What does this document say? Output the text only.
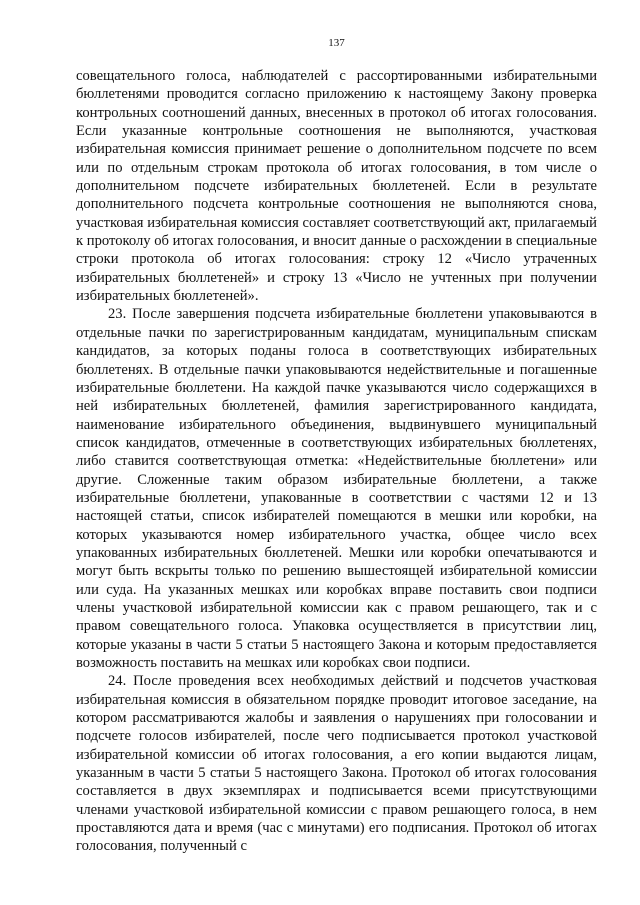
137

совещательного голоса, наблюдателей с рассортированными избирательными бюллетенями проводится согласно приложению к настоящему Закону проверка контрольных соотношений данных, внесенных в протокол об итогах голосования. Если указанные контрольные соотношения не выполняются, участковая избирательная комиссия принимает решение о дополнительном подсчете по всем или по отдельным строкам протокола об итогах голосования, в том числе о дополнительном подсчете избирательных бюллетеней. Если в результате дополнительного подсчета контрольные соотношения не выполняются снова, участковая избирательная комиссия составляет соответствующий акт, прилагаемый к протоколу об итогах голосования, и вносит данные о расхождении в специальные строки протокола об итогах голосования: строку 12 «Число утраченных избирательных бюллетеней» и строку 13 «Число не учтенных при получении избирательных бюллетеней».

23. После завершения подсчета избирательные бюллетени упаковываются в отдельные пачки по зарегистрированным кандидатам, муниципальным спискам кандидатов, за которых поданы голоса в соответствующих избирательных бюллетенях. В отдельные пачки упаковываются недействительные и погашенные избирательные бюллетени. На каждой пачке указываются число содержащихся в ней избирательных бюллетеней, фамилия зарегистрированного кандидата, наименование избирательного объединения, выдвинувшего муниципальный список кандидатов, отмеченные в соответствующих избирательных бюллетенях, либо ставится соответствующая отметка: «Недействительные бюллетени» или другие. Сложенные таким образом избирательные бюллетени, а также избирательные бюллетени, упакованные в соответствии с частями 12 и 13 настоящей статьи, список избирателей помещаются в мешки или коробки, на которых указываются номер избирательного участка, общее число всех упакованных избирательных бюллетеней. Мешки или коробки опечатываются и могут быть вскрыты только по решению вышестоящей избирательной комиссии или суда. На указанных мешках или коробках вправе поставить свои подписи члены участковой избирательной комиссии как с правом решающего, так и с правом совещательного голоса. Упаковка осуществляется в присутствии лиц, которые указаны в части 5 статьи 5 настоящего Закона и которым предоставляется возможность поставить на мешках или коробках свои подписи.

24. После проведения всех необходимых действий и подсчетов участковая избирательная комиссия в обязательном порядке проводит итоговое заседание, на котором рассматриваются жалобы и заявления о нарушениях при голосовании и подсчете голосов избирателей, после чего подписывается протокол участковой избирательной комиссии об итогах голосования, а его копии выдаются лицам, указанным в части 5 статьи 5 настоящего Закона. Протокол об итогах голосования составляется в двух экземплярах и подписывается всеми присутствующими членами участковой избирательной комиссии с правом решающего голоса, в нем проставляются дата и время (час с минутами) его подписания. Протокол об итогах голосования, полученный с
